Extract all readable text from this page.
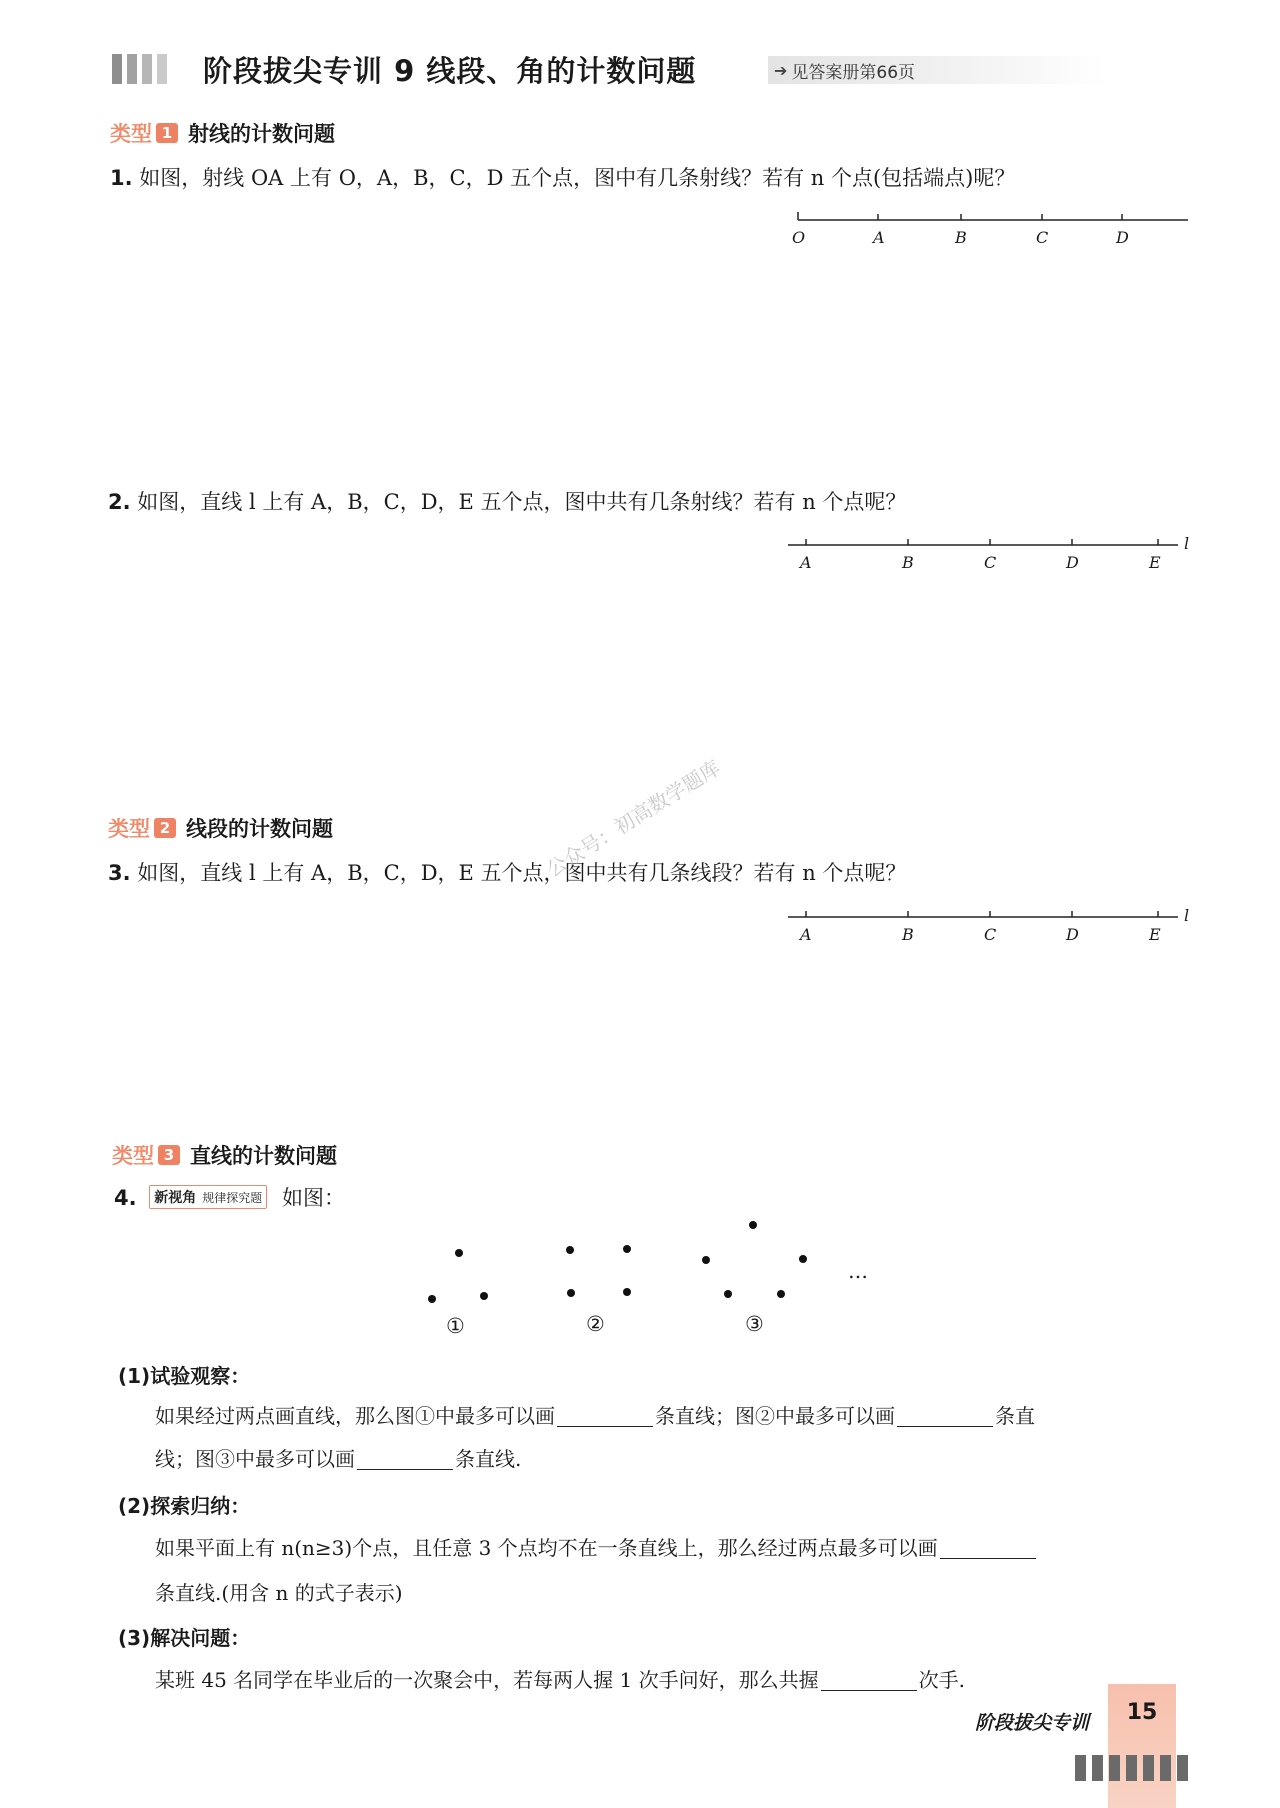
阶段拔尖专训 9 线段、角的计数问题	➔ 见答案册第66页
类型 1 射线的计数问题
1. 如图，射线 OA 上有 O，A，B，C，D 五个点，图中有几条射线？若有 n 个点(包括端点)呢？
O	A	B	C	D
2. 如图，直线 l 上有 A，B，C，D，E 五个点，图中共有几条射线？若有 n 个点呢？
A	B	C	D	E
l
类型 2 线段的计数问题
3. 如图，直线 l 上有 A，B，C，D，E 五个点，图中共有几条线段？若有 n 个点呢？
A	B	C	D	E
l
公众号：初高数学题库
类型 3 直线的计数问题
4. 新视角 规律探究题 如图：
…
①	②	③
(1)试验观察：
如果经过两点画直线，那么图①中最多可以画	条直线；图②中最多可以画	条直
线；图③中最多可以画	条直线.
(2)探索归纳：
如果平面上有 n(n≥3)个点，且任意 3 个点均不在一条直线上，那么经过两点最多可以画
条直线.(用含 n 的式子表示)
(3)解决问题：
某班 45 名同学在毕业后的一次聚会中，若每两人握 1 次手问好，那么共握	次手.
阶段拔尖专训	15
